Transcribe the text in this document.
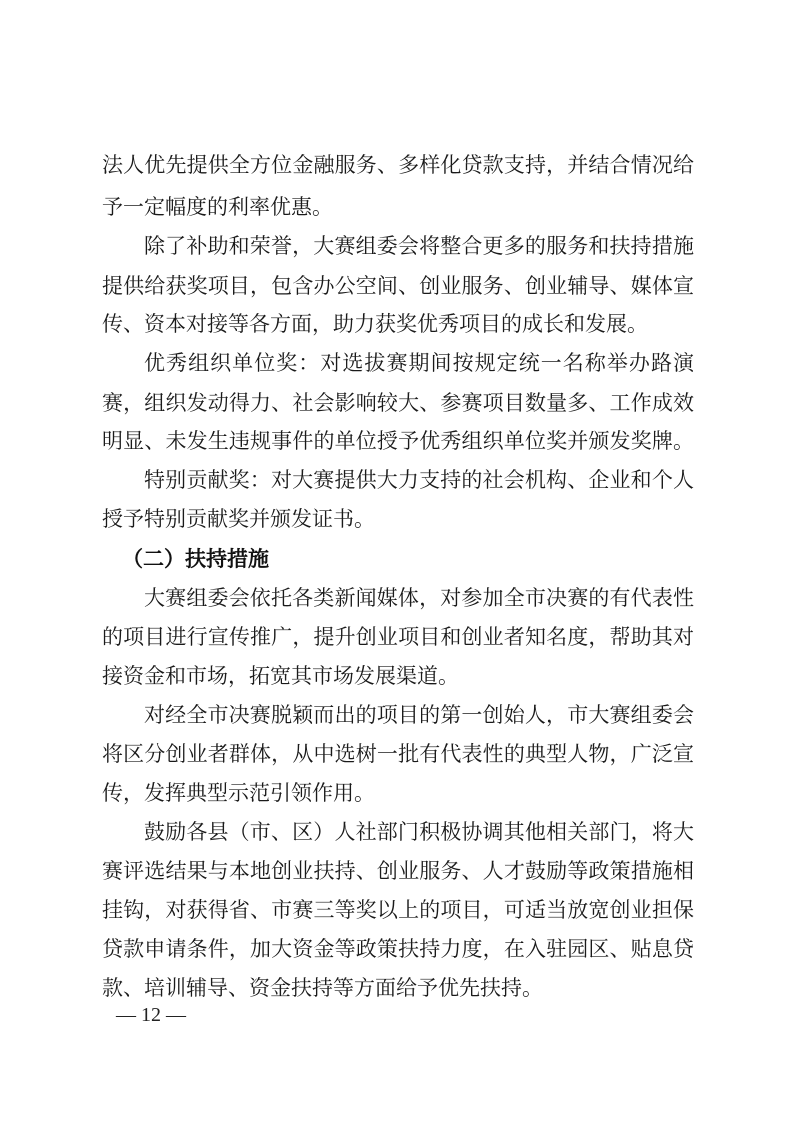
法人优先提供全方位金融服务、多样化贷款支持，并结合情况给
予一定幅度的利率优惠。
除了补助和荣誉，大赛组委会将整合更多的服务和扶持措施
提供给获奖项目，包含办公空间、创业服务、创业辅导、媒体宣
传、资本对接等各方面，助力获奖优秀项目的成长和发展。
优秀组织单位奖：对选拔赛期间按规定统一名称举办路演
赛，组织发动得力、社会影响较大、参赛项目数量多、工作成效
明显、未发生违规事件的单位授予优秀组织单位奖并颁发奖牌。
特别贡献奖：对大赛提供大力支持的社会机构、企业和个人
授予特别贡献奖并颁发证书。
（二）扶持措施
大赛组委会依托各类新闻媒体，对参加全市决赛的有代表性
的项目进行宣传推广，提升创业项目和创业者知名度，帮助其对
接资金和市场，拓宽其市场发展渠道。
对经全市决赛脱颖而出的项目的第一创始人，市大赛组委会
将区分创业者群体，从中选树一批有代表性的典型人物，广泛宣
传，发挥典型示范引领作用。
鼓励各县（市、区）人社部门积极协调其他相关部门，将大
赛评选结果与本地创业扶持、创业服务、人才鼓励等政策措施相
挂钩，对获得省、市赛三等奖以上的项目，可适当放宽创业担保
贷款申请条件，加大资金等政策扶持力度，在入驻园区、贴息贷
款、培训辅导、资金扶持等方面给予优先扶持。
— 12 —
